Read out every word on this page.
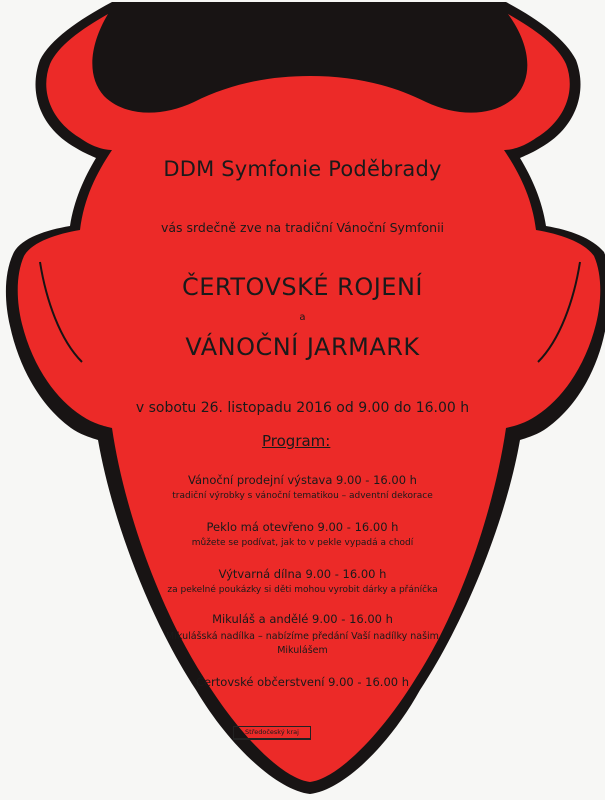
DDM Symfonie Poděbrady
vás srdečně zve na tradiční Vánoční Symfonii
ČERTOVSKÉ ROJENÍ
a
VÁNOČNÍ JARMARK
v sobotu 26. listopadu 2016 od 9.00 do 16.00 h
Program:
Vánoční prodejní výstava 9.00 - 16.00 h
tradiční výrobky s vánoční tematikou – adventní dekorace
Peklo má otevřeno 9.00 - 16.00 h
můžete se podívat, jak to v pekle vypadá a chodí
Výtvarná dílna 9.00 - 16.00 h
za pekelné poukázky si děti mohou vyrobit dárky a přáníčka
Mikuláš a andělé 9.00 - 16.00 h
Mikulášská nadílka – nabízíme předání Vaší nadílky našim
Mikulášem
Čertovské občerstvení 9.00 - 16.00 h
Středočeský kraj
